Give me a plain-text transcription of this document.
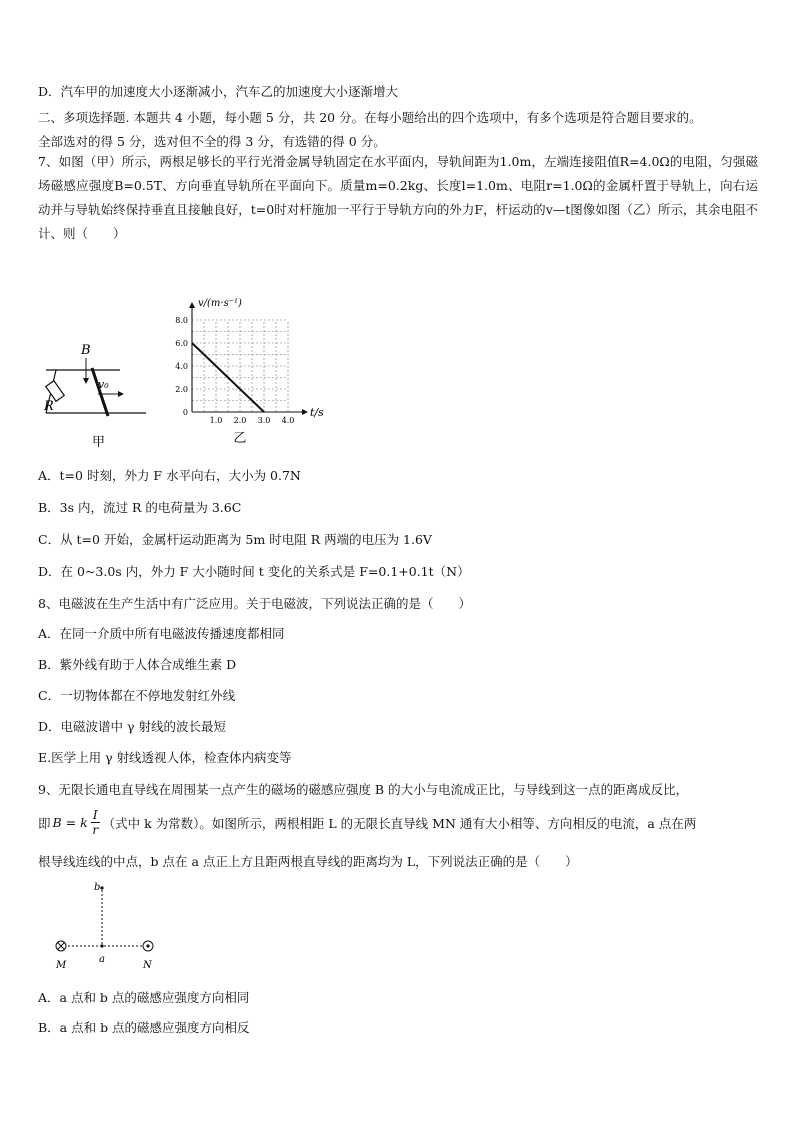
D．汽车甲的加速度大小逐渐减小，汽车乙的加速度大小逐渐增大
二、多项选择题. 本题共 4 小题，每小题 5 分，共 20 分。在每小题给出的四个选项中，有多个选项是符合题目要求的。
全部选对的得 5 分，选对但不全的得 3 分，有选错的得 0 分。
7、如图（甲）所示，两根足够长的平行光滑金属导轨固定在水平面内，导轨间距为1.0m，左端连接阻值R=4.0Ω的电阻，匀强磁场磁感应强度B=0.5T、方向垂直导轨所在平面向下。质量m=0.2kg、长度l=1.0m、电阻r=1.0Ω的金属杆置于导轨上，向右运动并与导轨始终保持垂直且接触良好，t=0时对杆施加一平行于导轨方向的外力F，杆运动的v—t图像如图（乙）所示，其余电阻不计、则（　　）
B
v₀
R
甲
0
2.0
4.0
6.0
8.0
1.0 2.0 3.0 4.0
v/(m·s⁻¹)
t/s
乙
A．t=0 时刻，外力 F 水平向右，大小为 0.7N
B．3s 内，流过 R 的电荷量为 3.6C
C．从 t=0 开始，金属杆运动距离为 5m 时电阻 R 两端的电压为 1.6V
D．在 0~3.0s 内，外力 F 大小随时间 t 变化的关系式是 F=0.1+0.1t（N）
8、电磁波在生产生活中有广泛应用。关于电磁波，下列说法正确的是（　　）
A．在同一介质中所有电磁波传播速度都相同
B．紫外线有助于人体合成维生素 D
C．一切物体都在不停地发射红外线
D．电磁波谱中 γ 射线的波长最短
E.医学上用 γ 射线透视人体，检查体内病变等
9、无限长通电直导线在周围某一点产生的磁场的磁感应强度 B 的大小与电流成正比，与导线到这一点的距离成反比，
即 B = k $\frac{I}{r}$ （式中 k 为常数）。如图所示，两根相距 L 的无限长直导线 MN 通有大小相等、方向相反的电流，a 点在两
根导线连线的中点，b 点在 a 点正上方且距两根直导线的距离均为 L，下列说法正确的是（　　）
b
a
M	N
A．a 点和 b 点的磁感应强度方向相同
B．a 点和 b 点的磁感应强度方向相反
